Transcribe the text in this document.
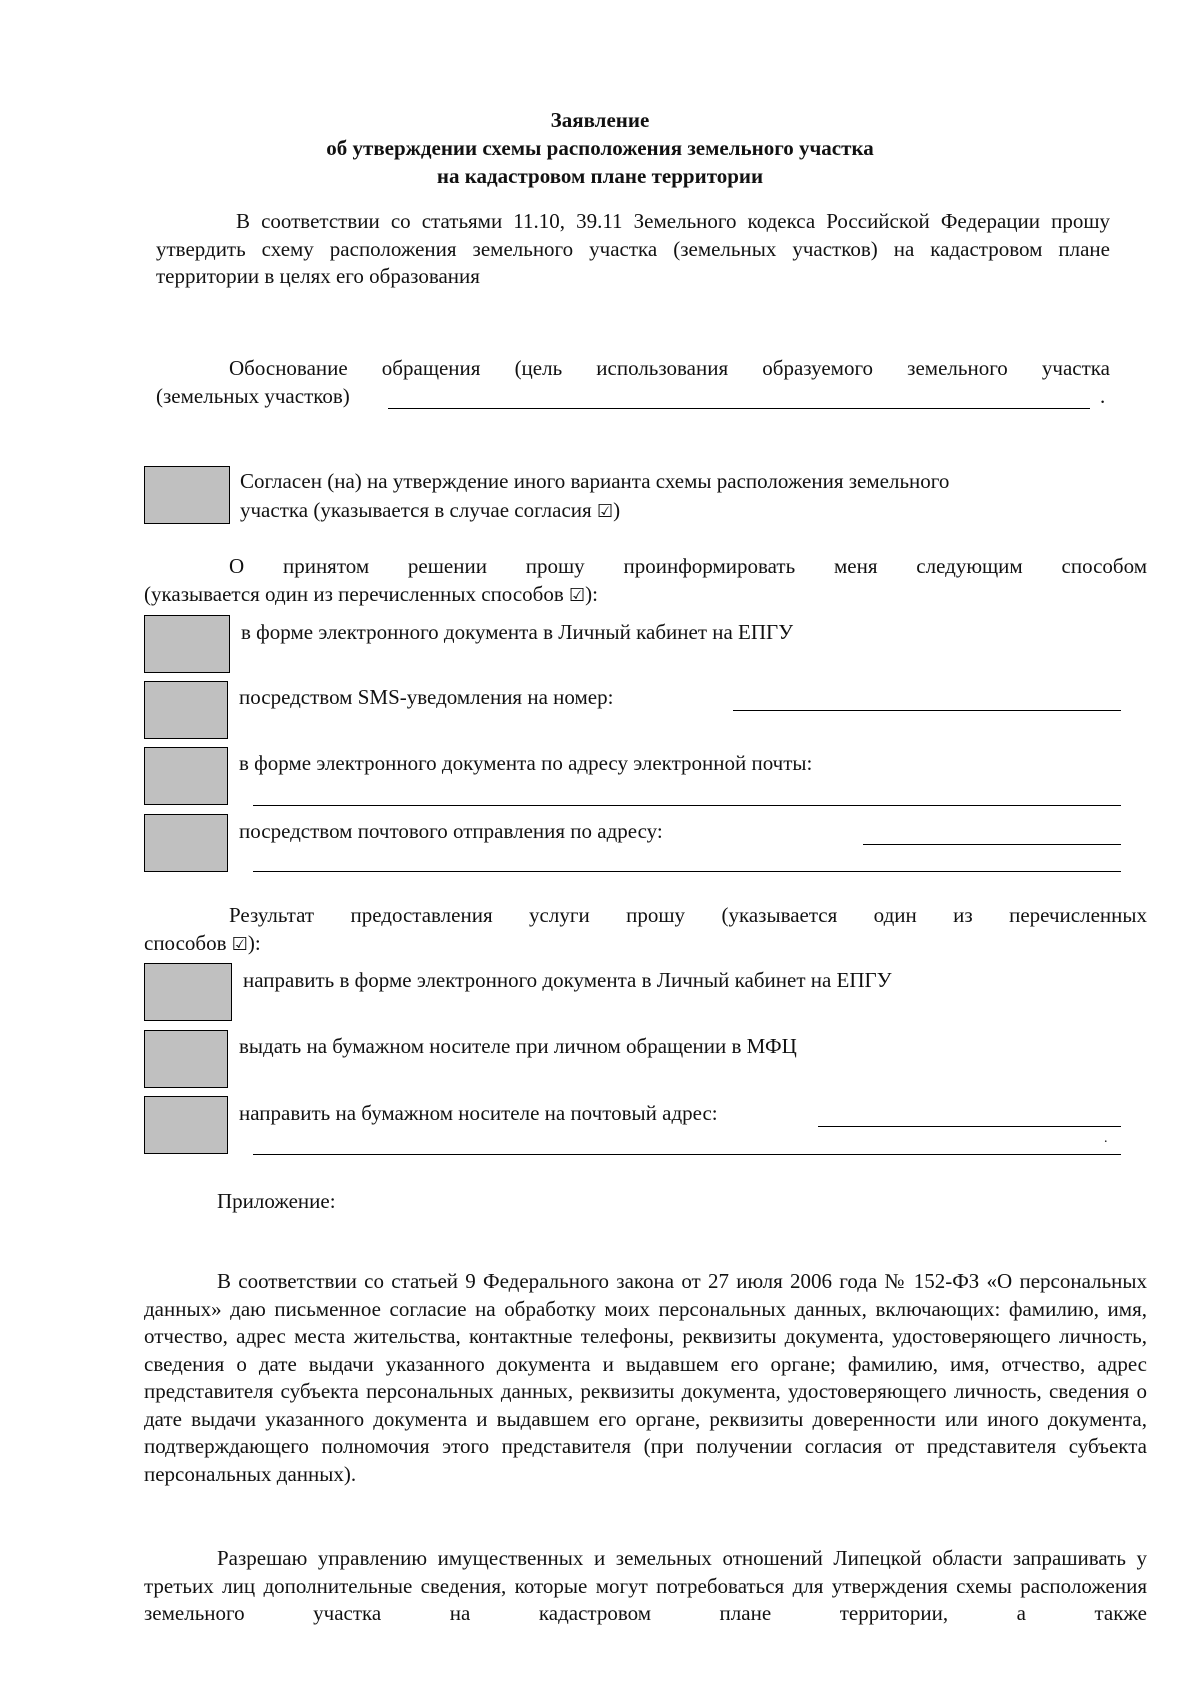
Заявление
об утверждении схемы расположения земельного участка
на кадастровом плане территории
В соответствии со статьями 11.10, 39.11 Земельного кодекса Российской Федерации прошу утвердить схему расположения земельного участка (земельных участков) на кадастровом плане территории в целях его образования
Обоснование обращения (цель использования образуемого земельного участка
(земельных участков)	.
Согласен (на) на утверждение иного варианта схемы расположения земельного
участка (указывается в случае согласия ☑)
О принятом решении прошу проинформировать меня следующим способом
(указывается один из перечисленных способов ☑):
в форме электронного документа в Личный кабинет на ЕПГУ
посредством SMS-уведомления на номер:
в форме электронного документа по адресу электронной почты:
посредством почтового отправления по адресу:
Результат предоставления услуги прошу (указывается один из перечисленных
способов ☑):
направить в форме электронного документа в Личный кабинет на ЕПГУ
выдать на бумажном носителе при личном обращении в МФЦ
направить на бумажном носителе на почтовый адрес:
.
Приложение:
В соответствии со статьей 9 Федерального закона от 27 июля 2006 года № 152-ФЗ «О персональных данных» даю письменное согласие на обработку моих персональных данных, включающих: фамилию, имя, отчество, адрес места жительства, контактные телефоны, реквизиты документа, удостоверяющего личность, сведения о дате выдачи указанного документа и выдавшем его органе; фамилию, имя, отчество, адрес представителя субъекта персональных данных, реквизиты документа, удостоверяющего личность, сведения о дате выдачи указанного документа и выдавшем его органе, реквизиты доверенности или иного документа, подтверждающего полномочия этого представителя (при получении согласия от представителя субъекта персональных данных).
Разрешаю управлению имущественных и земельных отношений Липецкой области запрашивать у третьих лиц дополнительные сведения, которые могут потребоваться для утверждения схемы расположения земельного участка на кадастровом плане территории, а также
